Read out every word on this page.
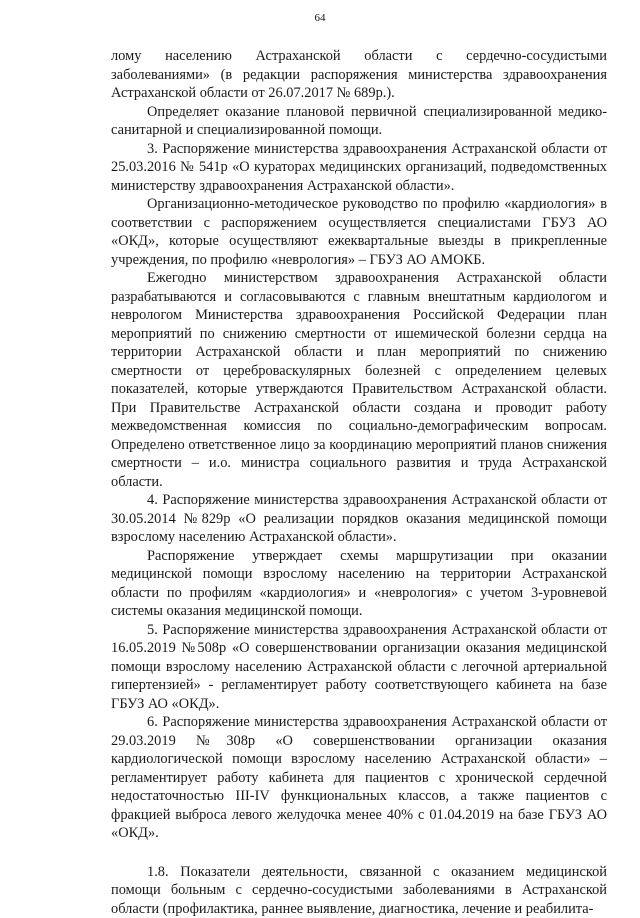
64

лому населению Астраханской области с сердечно-сосудистыми заболеваниями» (в редакции распоряжения министерства здравоохранения Астраханской области от 26.07.2017 № 689р.).

Определяет оказание плановой первичной специализированной медико-санитарной и специализированной помощи.

3. Распоряжение министерства здравоохранения Астраханской области от 25.03.2016 № 541р «О кураторах медицинских организаций, подведомственных министерству здравоохранения Астраханской области».

Организационно-методическое руководство по профилю «кардиология» в соответствии с распоряжением осуществляется специалистами ГБУЗ АО «ОКД», которые осуществляют ежеквартальные выезды в прикрепленные учреждения, по профилю «неврология» – ГБУЗ АО АМОКБ.

Ежегодно министерством здравоохранения Астраханской области разрабатываются и согласовываются с главным внештатным кардиологом и неврологом Министерства здравоохранения Российской Федерации план мероприятий по снижению смертности от ишемической болезни сердца на территории Астраханской области и план мероприятий по снижению смертности от цереброваскулярных болезней с определением целевых показателей, которые утверждаются Правительством Астраханской области. При Правительстве Астраханской области создана и проводит работу межведомственная комиссия по социально-демографическим вопросам. Определено ответственное лицо за координацию мероприятий планов снижения смертности – и.о. министра социального развития и труда Астраханской области.

4. Распоряжение министерства здравоохранения Астраханской области от 30.05.2014 №829р «О реализации порядков оказания медицинской помощи взрослому населению Астраханской области».

Распоряжение утверждает схемы маршрутизации при оказании медицинской помощи взрослому населению на территории Астраханской области по профилям «кардиология» и «неврология» с учетом 3-уровневой системы оказания медицинской помощи.

5. Распоряжение министерства здравоохранения Астраханской области от 16.05.2019 №508р «О совершенствовании организации оказания медицинской помощи взрослому населению Астраханской области с легочной артериальной гипертензией» - регламентирует работу соответствующего кабинета на базе ГБУЗ АО «ОКД».

6. Распоряжение министерства здравоохранения Астраханской области от 29.03.2019 №308р «О совершенствовании организации оказания кардиологической помощи взрослому населению Астраханской области» – регламентирует работу кабинета для пациентов с хронической сердечной недостаточностью III-IV функциональных классов, а также пациентов с фракцией выброса левого желудочка менее 40% с 01.04.2019 на базе ГБУЗ АО «ОКД».

1.8. Показатели деятельности, связанной с оказанием медицинской помощи больным с сердечно-сосудистыми заболеваниями в Астраханской области (профилактика, раннее выявление, диагностика, лечение и реабилита-
